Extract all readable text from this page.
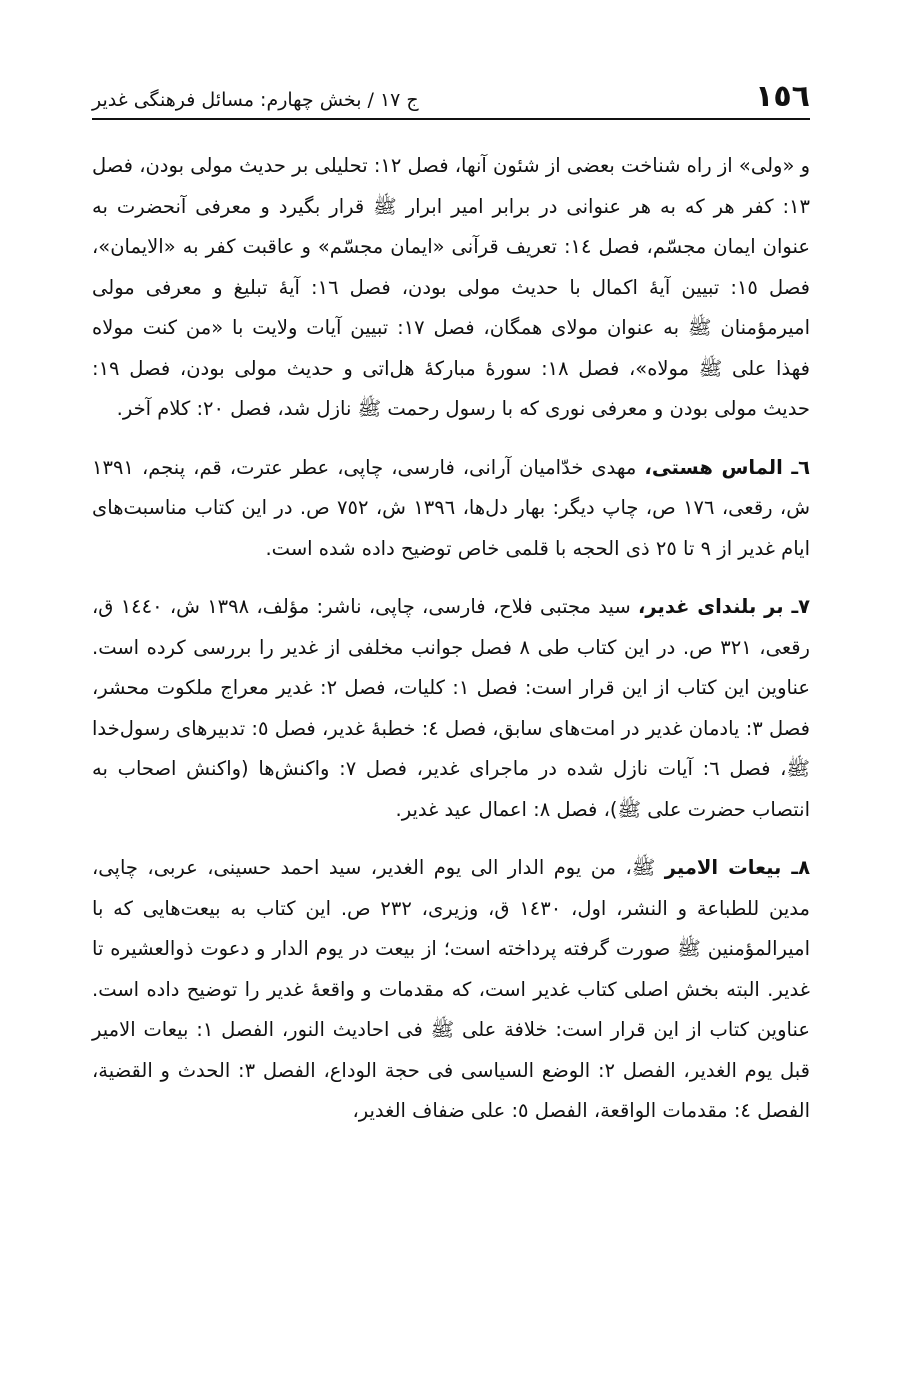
١٥٦
ج ١٧ / بخش چهارم: مسائل فرهنگی غدیر

و «ولی» از راه شناخت بعضی از شئون آنها، فصل ١٢: تحلیلی بر حدیث مولی بودن، فصل ١٣: کفر هر که به هر عنوانی در برابر امیر ابرار ﷺ قرار بگیرد و معرفی آنحضرت به عنوان ایمان مجسّم، فصل ١٤: تعریف قرآنی «ایمان مجسّم» و عاقبت کفر به «الایمان»، فصل ١٥: تبیین آیهٔ اکمال با حدیث مولی بودن، فصل ١٦: آیهٔ تبلیغ و معرفی مولی امیرمؤمنان ﷺ به عنوان مولای همگان، فصل ١٧: تبیین آیات ولایت با «من کنت مولاه فهذا علی ﷺ مولاه»، فصل ١٨: سورهٔ مبارکهٔ هل‌اتی و حدیث مولی بودن، فصل ١٩: حدیث مولی بودن و معرفی نوری که با رسول رحمت ﷺ نازل شد، فصل ٢٠: کلام آخر.

٦ـ الماس هستی، مهدی خدّامیان آرانی، فارسی، چاپی، عطر عترت، قم، پنجم، ١٣٩١ ش، رقعی، ١٧٦ ص، چاپ دیگر: بهار دل‌ها، ١٣٩٦ ش، ٧٥٢ ص. در این کتاب مناسبت‌های ایام غدیر از ٩ تا ٢٥ ذی الحجه با قلمی خاص توضیح داده شده است.

٧ـ بر بلندای غدیر، سید مجتبی فلاح، فارسی، چاپی، ناشر: مؤلف، ١٣٩٨ ش، ١٤٤٠ ق، رقعی، ٣٢١ ص. در این کتاب طی ٨ فصل جوانب مخلفی از غدیر را بررسی کرده است. عناوین این کتاب از این قرار است: فصل ١: کلیات، فصل ٢: غدیر معراج ملکوت محشر، فصل ٣: یادمان غدیر در امت‌های سابق، فصل ٤: خطبهٔ غدیر، فصل ٥: تدبیرهای رسول‌خدا ﷺ، فصل ٦: آیات نازل شده در ماجرای غدیر، فصل ٧: واکنش‌ها (واکنش اصحاب به انتصاب حضرت علی ﷺ)، فصل ٨: اعمال عید غدیر.

٨ـ بیعات الامیر ﷺ، من یوم الدار الی یوم الغدیر، سید احمد حسینی، عربی، چاپی، مدین للطباعة و النشر، اول، ١٤٣٠ ق، وزیری، ٢٣٢ ص. این کتاب به بیعت‌هایی که با امیرالمؤمنین ﷺ صورت گرفته پرداخته است؛ از بیعت در یوم الدار و دعوت ذوالعشیره تا غدیر. البته بخش اصلی کتاب غدیر است، که مقدمات و واقعهٔ غدیر را توضیح داده است. عناوین کتاب از این قرار است: خلافة علی ﷺ فی احادیث النور، الفصل ١: بیعات الامیر قبل یوم الغدیر، الفصل ٢: الوضع السیاسی فی حجة الوداع، الفصل ٣: الحدث و القضیة، الفصل ٤: مقدمات الواقعة، الفصل ٥: علی ضفاف الغدیر،
